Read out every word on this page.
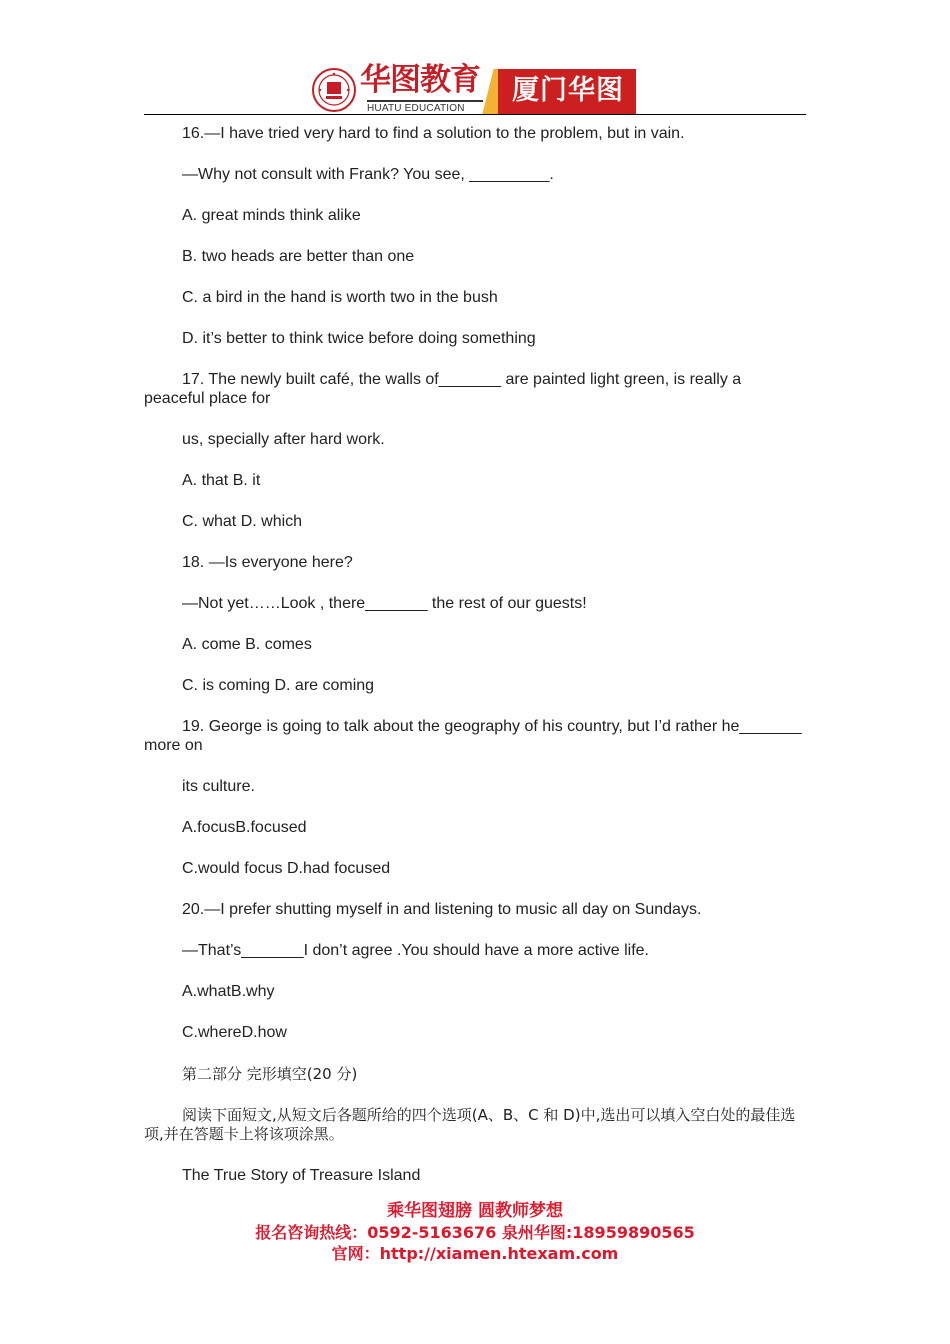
华图教育
HUATU EDUCATION
厦门华图
16.—I have tried very hard to find a solution to the problem, but in vain.
—Why not consult with Frank? You see, _________.
A. great minds think alike
B. two heads are better than one
C. a bird in the hand is worth two in the bush
D. it’s better to think twice before doing something
17. The newly built café, the walls of_______ are painted light green, is really a peaceful place for
us, specially after hard work.
A. that B. it
C. what D. which
18. —Is everyone here?
—Not yet……Look , there_______ the rest of our guests!
A. come B. comes
C. is coming D. are coming
19. George is going to talk about the geography of his country, but I’d rather he_______ more on
its culture.
A.focusB.focused
C.would focus D.had focused
20.—I prefer shutting myself in and listening to music all day on Sundays.
—That’s_______I don’t agree .You should have a more active life.
A.whatB.why
C.whereD.how
第二部分 完形填空(20 分)
阅读下面短文,从短文后各题所给的四个选项(A、B、C 和 D)中,选出可以填入空白处的最佳选项,并在答题卡上将该项涂黑。
The True Story of Treasure Island
乘华图翅膀 圆教师梦想
报名咨询热线：0592-5163676 泉州华图:18959890565
官网：http://xiamen.htexam.com
